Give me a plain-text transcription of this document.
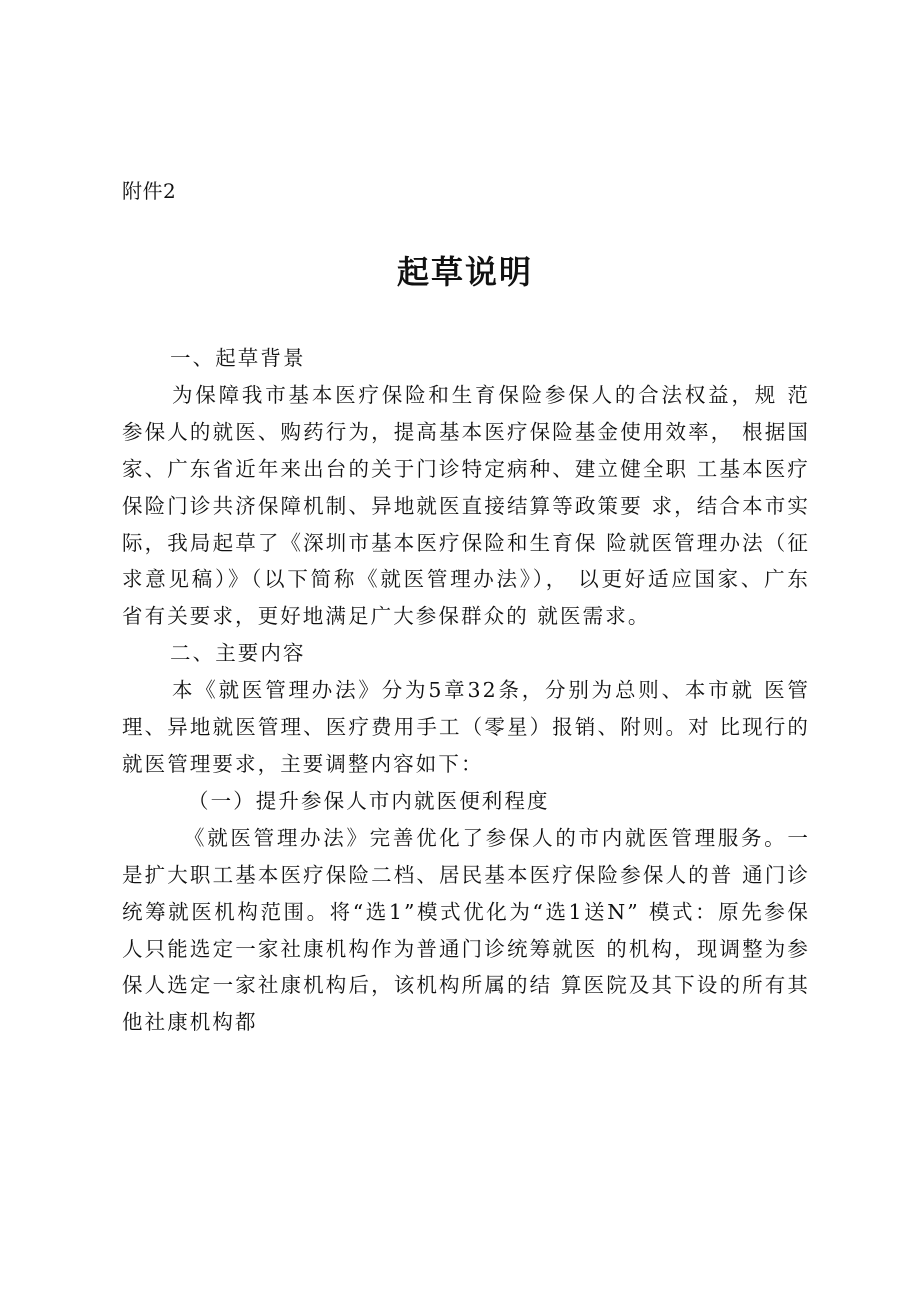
附件2
起草说明

一、起草背景

为保障我市基本医疗保险和生育保险参保人的合法权益，规 范参保人的就医、购药行为，提高基本医疗保险基金使用效率， 根据国家、广东省近年来出台的关于门诊特定病种、建立健全职 工基本医疗保险门诊共济保障机制、异地就医直接结算等政策要 求，结合本市实际，我局起草了《深圳市基本医疗保险和生育保 险就医管理办法（征求意见稿）》（以下简称《就医管理办法》）， 以更好适应国家、广东省有关要求，更好地满足广大参保群众的 就医需求。

二、主要内容

本《就医管理办法》分为5章32条，分别为总则、本市就 医管理、异地就医管理、医疗费用手工（零星）报销、附则。对 比现行的就医管理要求，主要调整内容如下：

（一）提升参保人市内就医便利程度

《就医管理办法》完善优化了参保人的市内就医管理服务。一是扩大职工基本医疗保险二档、居民基本医疗保险参保人的普 通门诊统筹就医机构范围。将“选1”模式优化为“选1送N” 模式：原先参保人只能选定一家社康机构作为普通门诊统筹就医 的机构，现调整为参保人选定一家社康机构后，该机构所属的结 算医院及其下设的所有其他社康机构都
